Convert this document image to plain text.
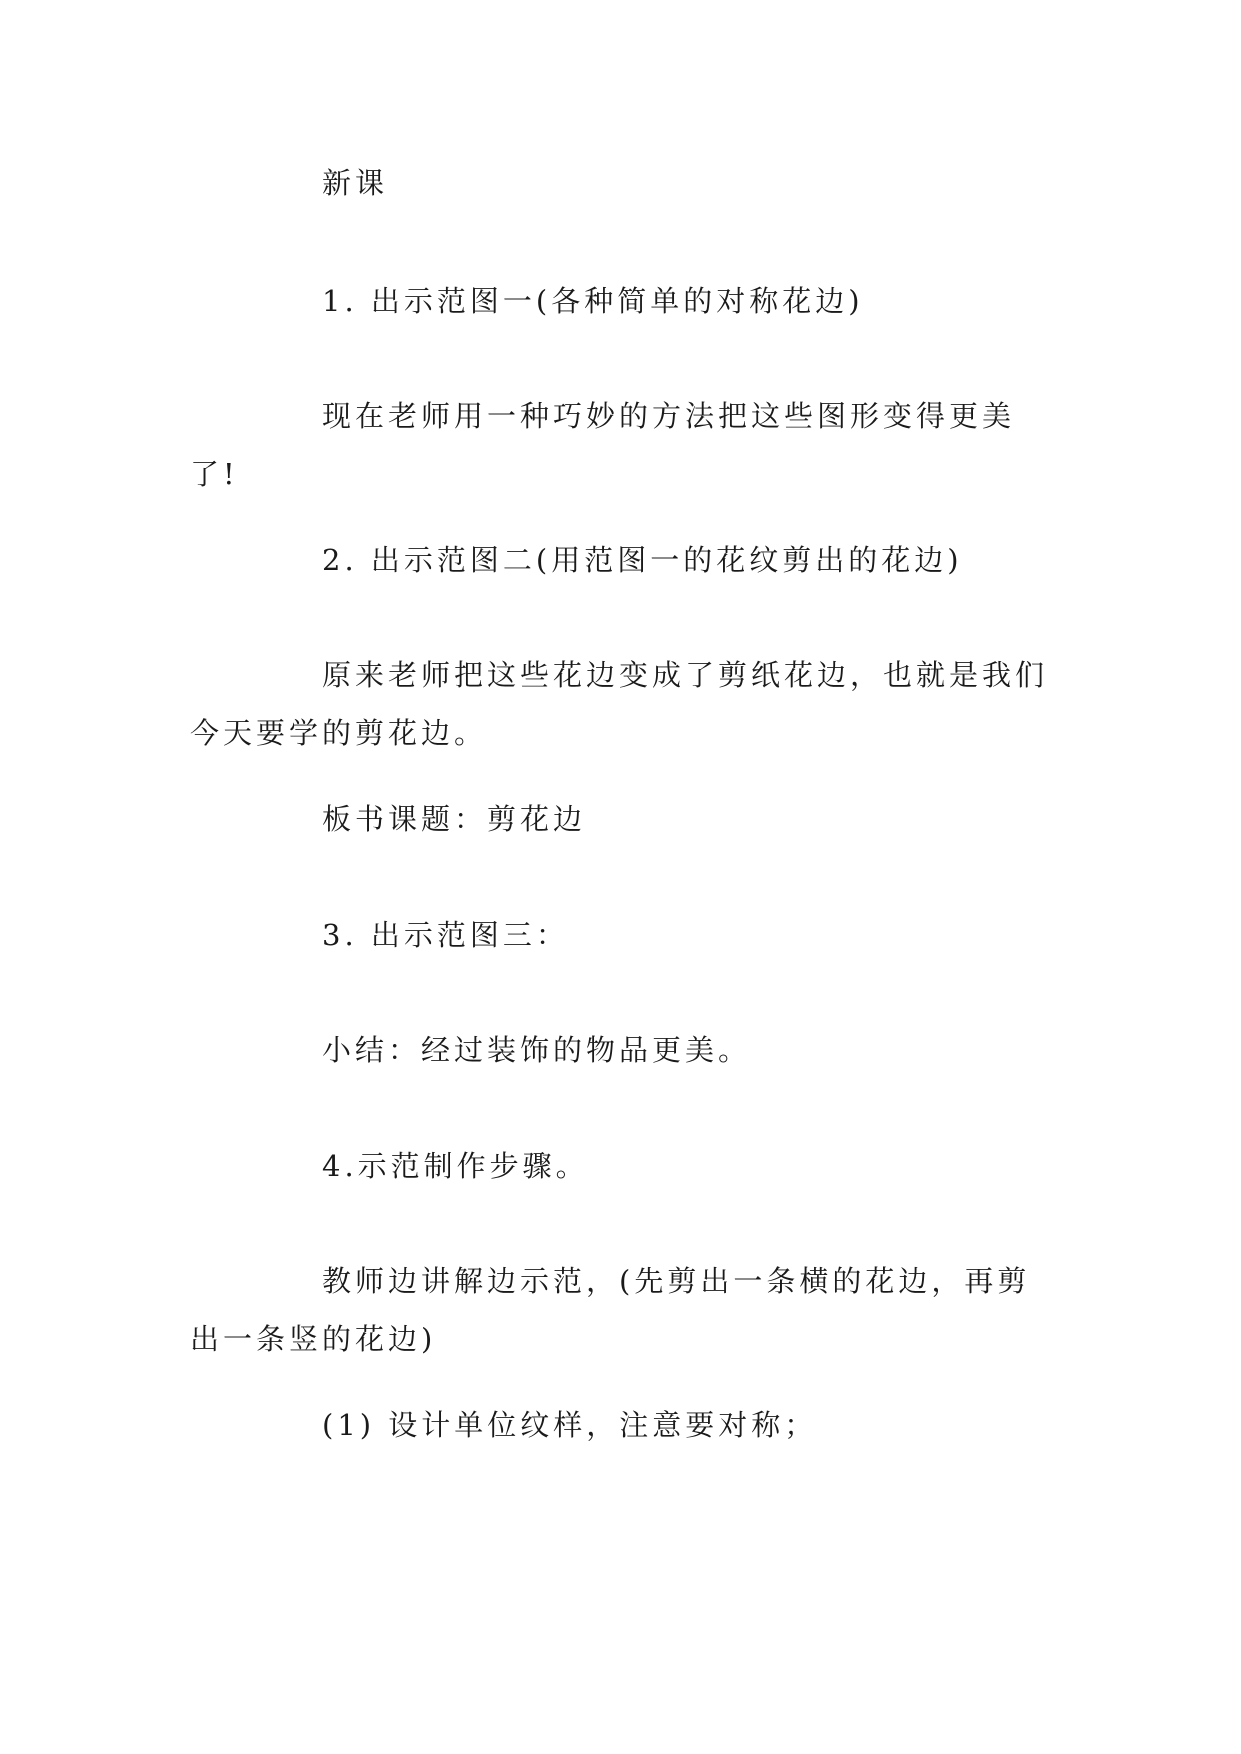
新课

1. 出示范图一(各种简单的对称花边)

现在老师用一种巧妙的方法把这些图形变得更美了!

2. 出示范图二(用范图一的花纹剪出的花边)

原来老师把这些花边变成了剪纸花边，也就是我们今天要学的剪花边。

板书课题：剪花边

3. 出示范图三：

小结：经过装饰的物品更美。

4.示范制作步骤。

教师边讲解边示范，(先剪出一条横的花边，再剪出一条竖的花边)

(1) 设计单位纹样，注意要对称；
